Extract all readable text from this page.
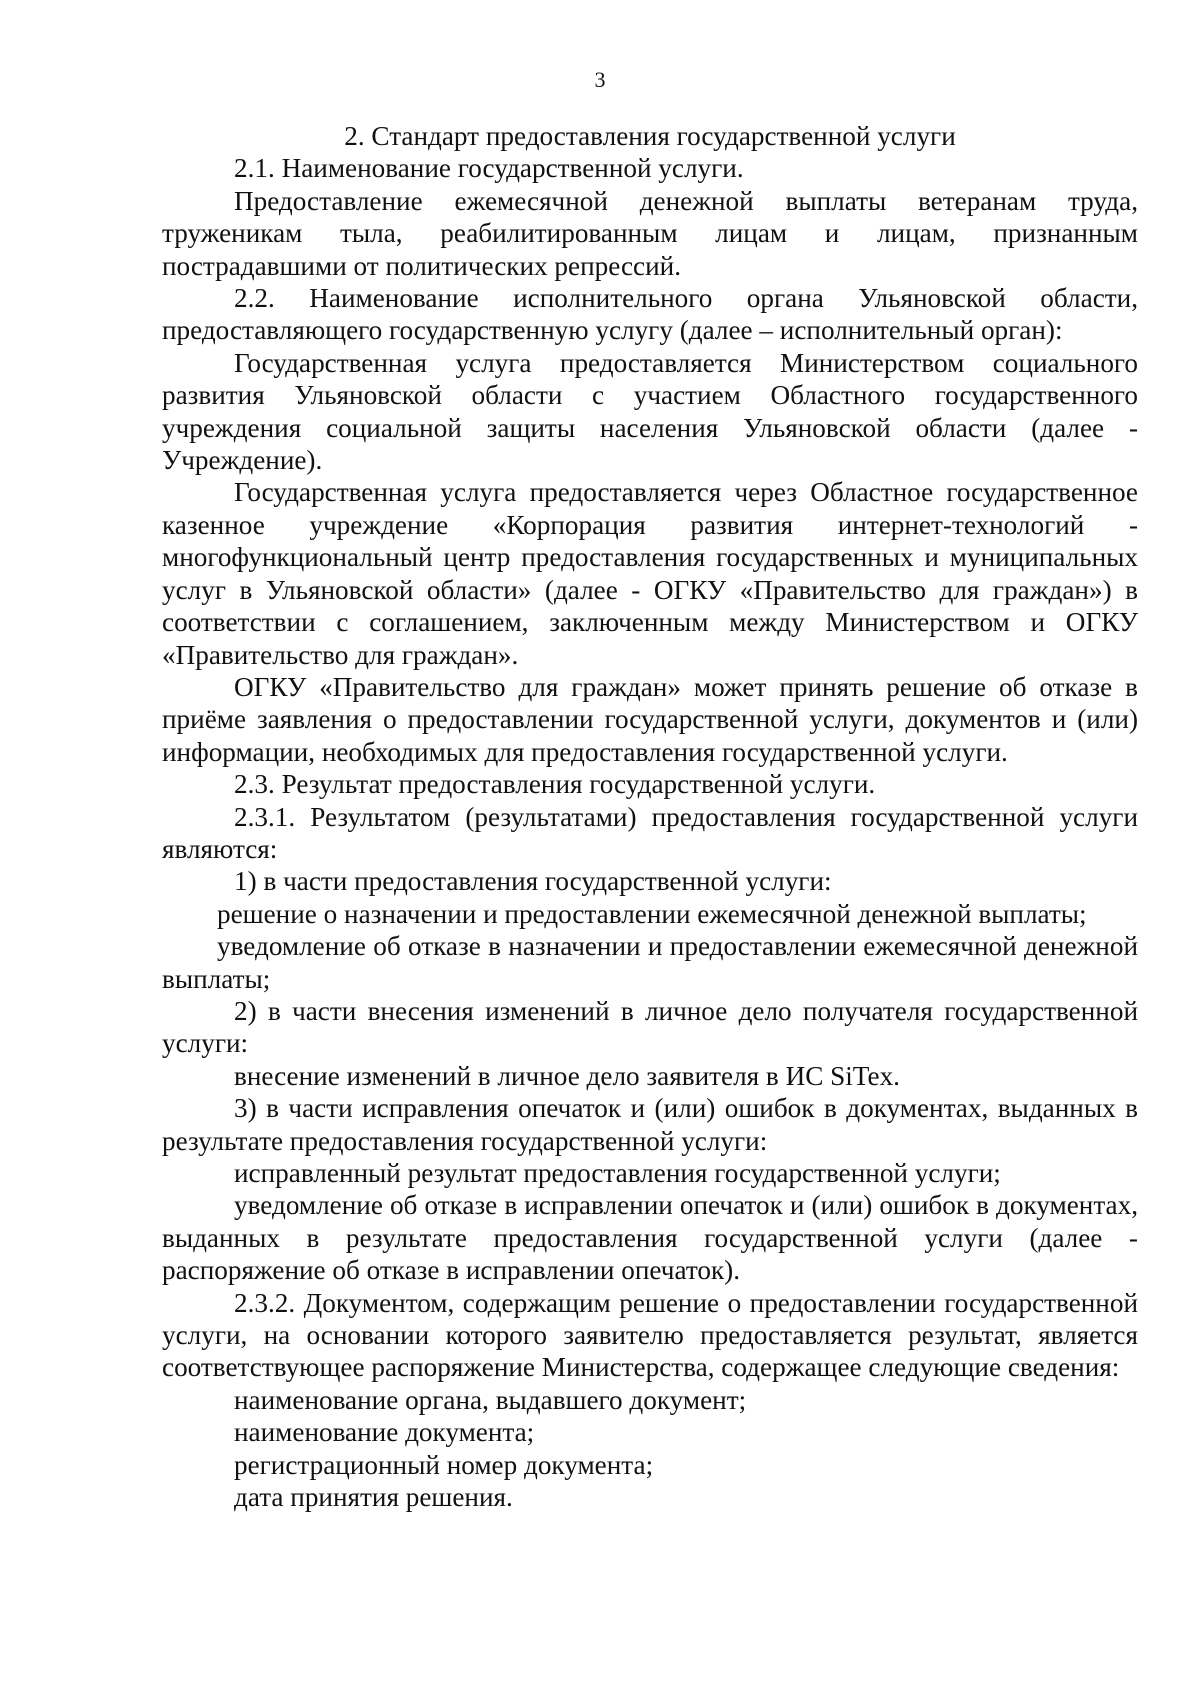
3

2. Стандарт предоставления государственной услуги

2.1. Наименование государственной услуги.

Предоставление ежемесячной денежной выплаты ветеранам труда, труженикам тыла, реабилитированным лицам и лицам, признанным пострадавшими от политических репрессий.

2.2. Наименование исполнительного органа Ульяновской области, предоставляющего государственную услугу (далее – исполнительный орган):

Государственная услуга предоставляется Министерством социального развития Ульяновской области с участием Областного государственного учреждения социальной защиты населения Ульяновской области (далее - Учреждение).

Государственная услуга предоставляется через Областное государственное казенное учреждение «Корпорация развития интернет-технологий - многофункциональный центр предоставления государственных и муниципальных услуг в Ульяновской области» (далее - ОГКУ «Правительство для граждан») в соответствии с соглашением, заключенным между Министерством и ОГКУ «Правительство для граждан».

ОГКУ «Правительство для граждан» может принять решение об отказе в приёме заявления о предоставлении государственной услуги, документов и (или) информации, необходимых для предоставления государственной услуги.

2.3. Результат предоставления государственной услуги.

2.3.1. Результатом (результатами) предоставления государственной услуги являются:

1) в части предоставления государственной услуги:

решение о назначении и предоставлении ежемесячной денежной выплаты;

уведомление об отказе в назначении и предоставлении ежемесячной денежной выплаты;

2) в части внесения изменений в личное дело получателя государственной услуги:

внесение изменений в личное дело заявителя в ИС SiTex.

3) в части исправления опечаток и (или) ошибок в документах, выданных в результате предоставления государственной услуги:

исправленный результат предоставления государственной услуги;

уведомление об отказе в исправлении опечаток и (или) ошибок в документах, выданных в результате предоставления государственной услуги (далее - распоряжение об отказе в исправлении опечаток).

2.3.2. Документом, содержащим решение о предоставлении государственной услуги, на основании которого заявителю предоставляется результат, является соответствующее распоряжение Министерства, содержащее следующие сведения:

наименование органа, выдавшего документ;

наименование документа;

регистрационный номер документа;

дата принятия решения.
